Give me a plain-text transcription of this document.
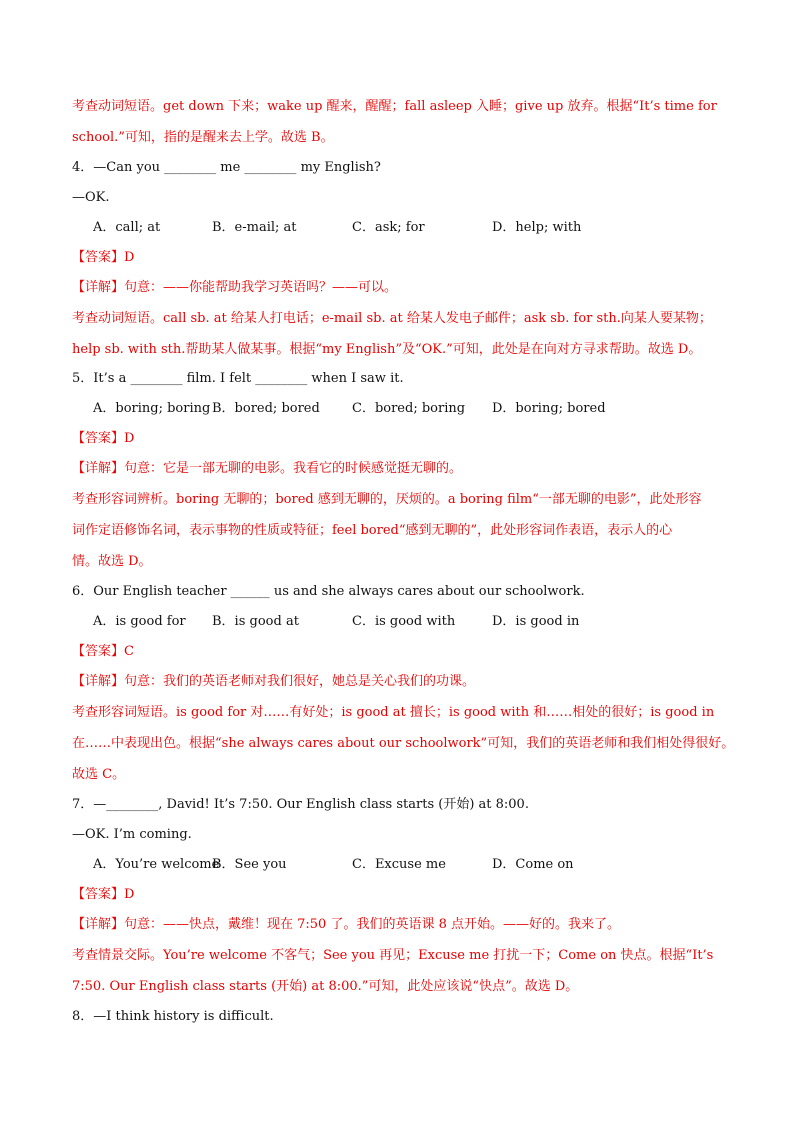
考查动词短语。get down 下来；wake up 醒来，醒醒；fall asleep 入睡；give up 放弃。根据“It’s time for
school.”可知，指的是醒来去上学。故选 B。
4．—Can you ________ me ________ my English?
—OK.
A．call; at	B．e-mail; at	C．ask; for	D．help; with
【答案】D
【详解】句意：——你能帮助我学习英语吗？——可以。
考查动词短语。call sb. at 给某人打电话；e-mail sb. at 给某人发电子邮件；ask sb. for sth.向某人要某物；
help sb. with sth.帮助某人做某事。根据“my English”及“OK.”可知，此处是在向对方寻求帮助。故选 D。
5．It’s a ________ film. I felt ________ when I saw it.
A．boring; boring B．bored; bored C．bored; boring D．boring; bored
【答案】D
【详解】句意：它是一部无聊的电影。我看它的时候感觉挺无聊的。
考查形容词辨析。boring 无聊的；bored 感到无聊的，厌烦的。a boring film“一部无聊的电影”，此处形容
词作定语修饰名词，表示事物的性质或特征；feel bored“感到无聊的”，此处形容词作表语，表示人的心
情。故选 D。
6．Our English teacher ______ us and she always cares about our schoolwork.
A．is good for B．is good at	C．is good with	D．is good in
【答案】C
【详解】句意：我们的英语老师对我们很好，她总是关心我们的功课。
考查形容词短语。is good for 对……有好处；is good at 擅长；is good with 和……相处的很好；is good in
在……中表现出色。根据“she always cares about our schoolwork”可知，我们的英语老师和我们相处得很好。
故选 C。
7．—________, David! It’s 7:50. Our English class starts (开始) at 8:00.
—OK. I’m coming.
A．You’re welcomeB．See you	C．Excuse me	D．Come on
【答案】D
【详解】句意：——快点，戴维！现在 7:50 了。我们的英语课 8 点开始。——好的。我来了。
考查情景交际。You’re welcome 不客气；See you 再见；Excuse me 打扰一下；Come on 快点。根据“It’s
7:50. Our English class starts (开始) at 8:00.”可知，此处应该说“快点”。故选 D。
8．—I think history is difficult.
